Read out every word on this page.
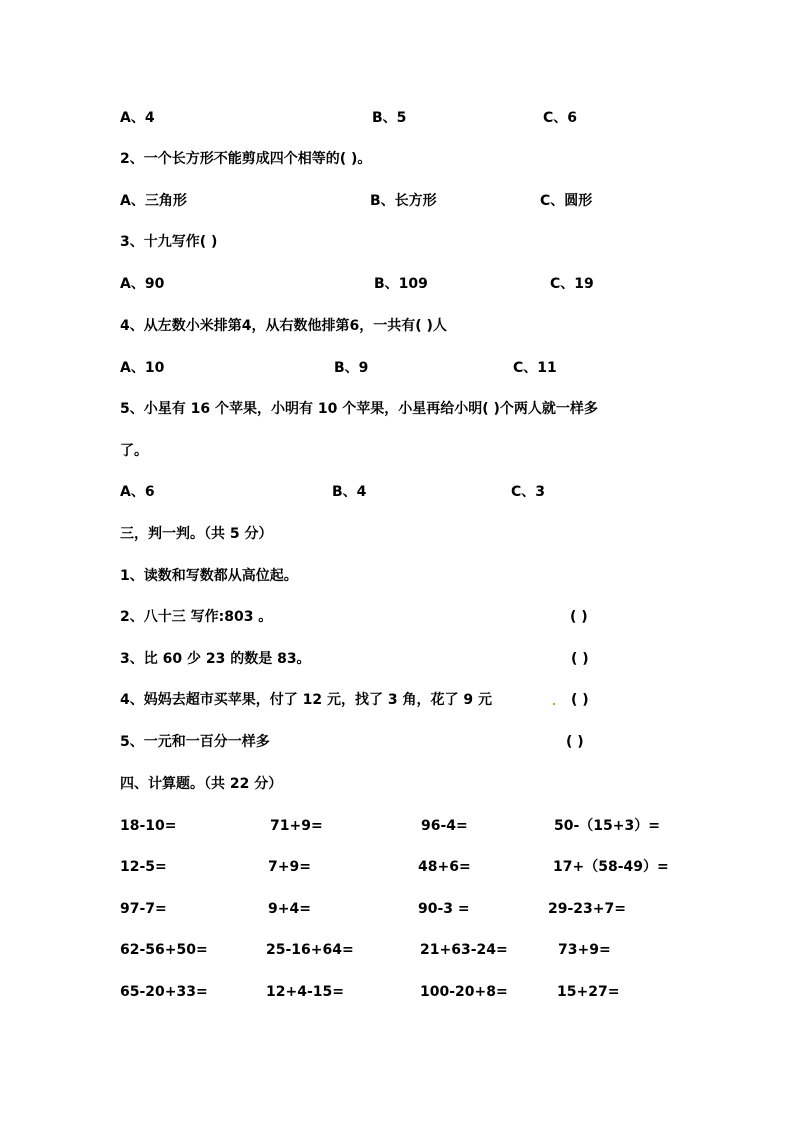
A、4	B、5	C、6
2、一个长方形不能剪成四个相等的( )。
A、三角形	B、长方形	C、圆形
3、十九写作( )
A、90	B、109	C、19
4、从左数小米排第4，从右数他排第6，一共有( )人
A、10	B、9	C、11
5、小星有 16 个苹果，小明有 10 个苹果，小星再给小明( )个两人就一样多
了。
A、6	B、4	C、3
三，判一判。（共 5 分）
1、读数和写数都从高位起。
2、八十三 写作:803 。	( )
3、比 60 少 23 的数是 83。	( )
4、妈妈去超市买苹果，付了 12 元，找了 3 角，花了 9 元	( )
5、一元和一百分一样多	( )
四、计算题。（共 22 分）
18-10=	71+9=	96-4=	50-（15+3）=
12-5=	7+9=	48+6=	17+（58-49）=
97-7=	9+4=	90-3 =	29-23+7=
62-56+50=	25-16+64=	21+63-24=	73+9=
65-20+33=	12+4-15=	100-20+8=	15+27=
